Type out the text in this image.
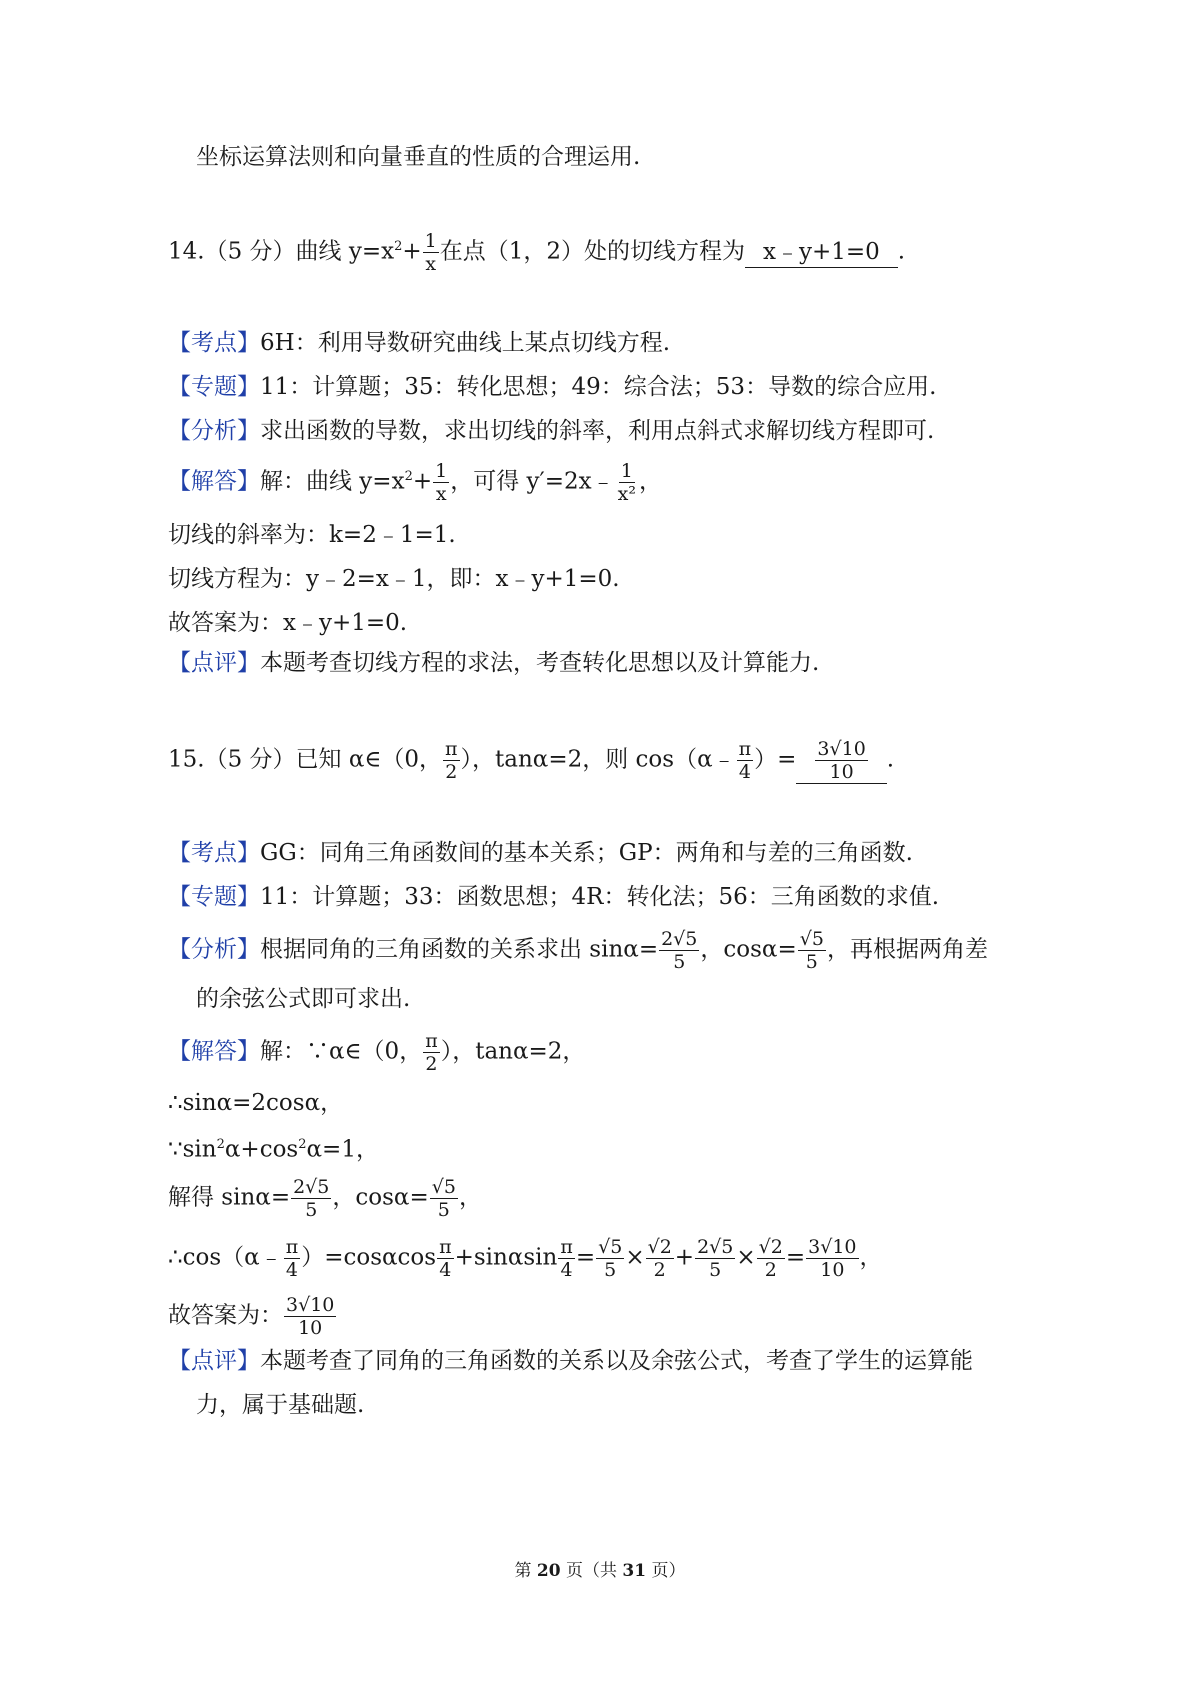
坐标运算法则和向量垂直的性质的合理运用.
14.（5 分）曲线 $y=x^2+ \frac{1}{x}$ 在点（1，2）处的切线方程为 x﹣y+1=0 .
【考点】6H：利用导数研究曲线上某点切线方程.
【专题】11：计算题；35：转化思想；49：综合法；53：导数的综合应用.
【分析】求出函数的导数，求出切线的斜率，利用点斜式求解切线方程即可.
【解答】解：曲线 $y=x^2+ \frac{1}{x}$ ，可得 y′=2x﹣ $\frac{1}{\text{x²}}$ ，
切线的斜率为：k=2﹣1=1.
切线方程为：y﹣2=x﹣1，即：x﹣y+1=0.
故答案为：x﹣y+1=0.
【点评】本题考查切线方程的求法，考查转化思想以及计算能力.
15.（5 分）已知 α∈（0， $\frac{\pi}{2}$ ），tanα=2，则 cos（α﹣ $\frac{\pi}{4}$ ）= $\frac{3√10}{10}$ .
【考点】GG：同角三角函数间的基本关系；GP：两角和与差的三角函数.
【专题】11：计算题；33：函数思想；4R：转化法；56：三角函数的求值.
【分析】根据同角的三角函数的关系求出 $\sin\alpha= \frac{2√5}{5}$ ，$\cos\alpha= \frac{√5}{5}$ ，再根据两角差
的余弦公式即可求出.
【解答】解：∵α∈（0， $\frac{\pi}{2}$ ），tanα=2，
∴sinα=2cosα，
$\because\sin^2\alpha+\cos^2\alpha=1$，
解得 $\sin\alpha= \frac{2√5}{5}$ ，$\cos\alpha= \frac{√5}{5}$ ，
∴cos（α﹣ $\frac{\pi}{4} )=\cos\alpha\cos \frac{\pi}{4} +\sin\alpha\sin \frac{\pi}{4} = \frac{√5}{5} \times \frac{√2}{2} + \frac{2√5}{5} \times \frac{√2}{2} = \frac{3√10}{10}$ ，
故答案为： $\frac{3√10}{10}$
【点评】本题考查了同角的三角函数的关系以及余弦公式，考查了学生的运算能
力，属于基础题.
第 20 页（共 31 页）
